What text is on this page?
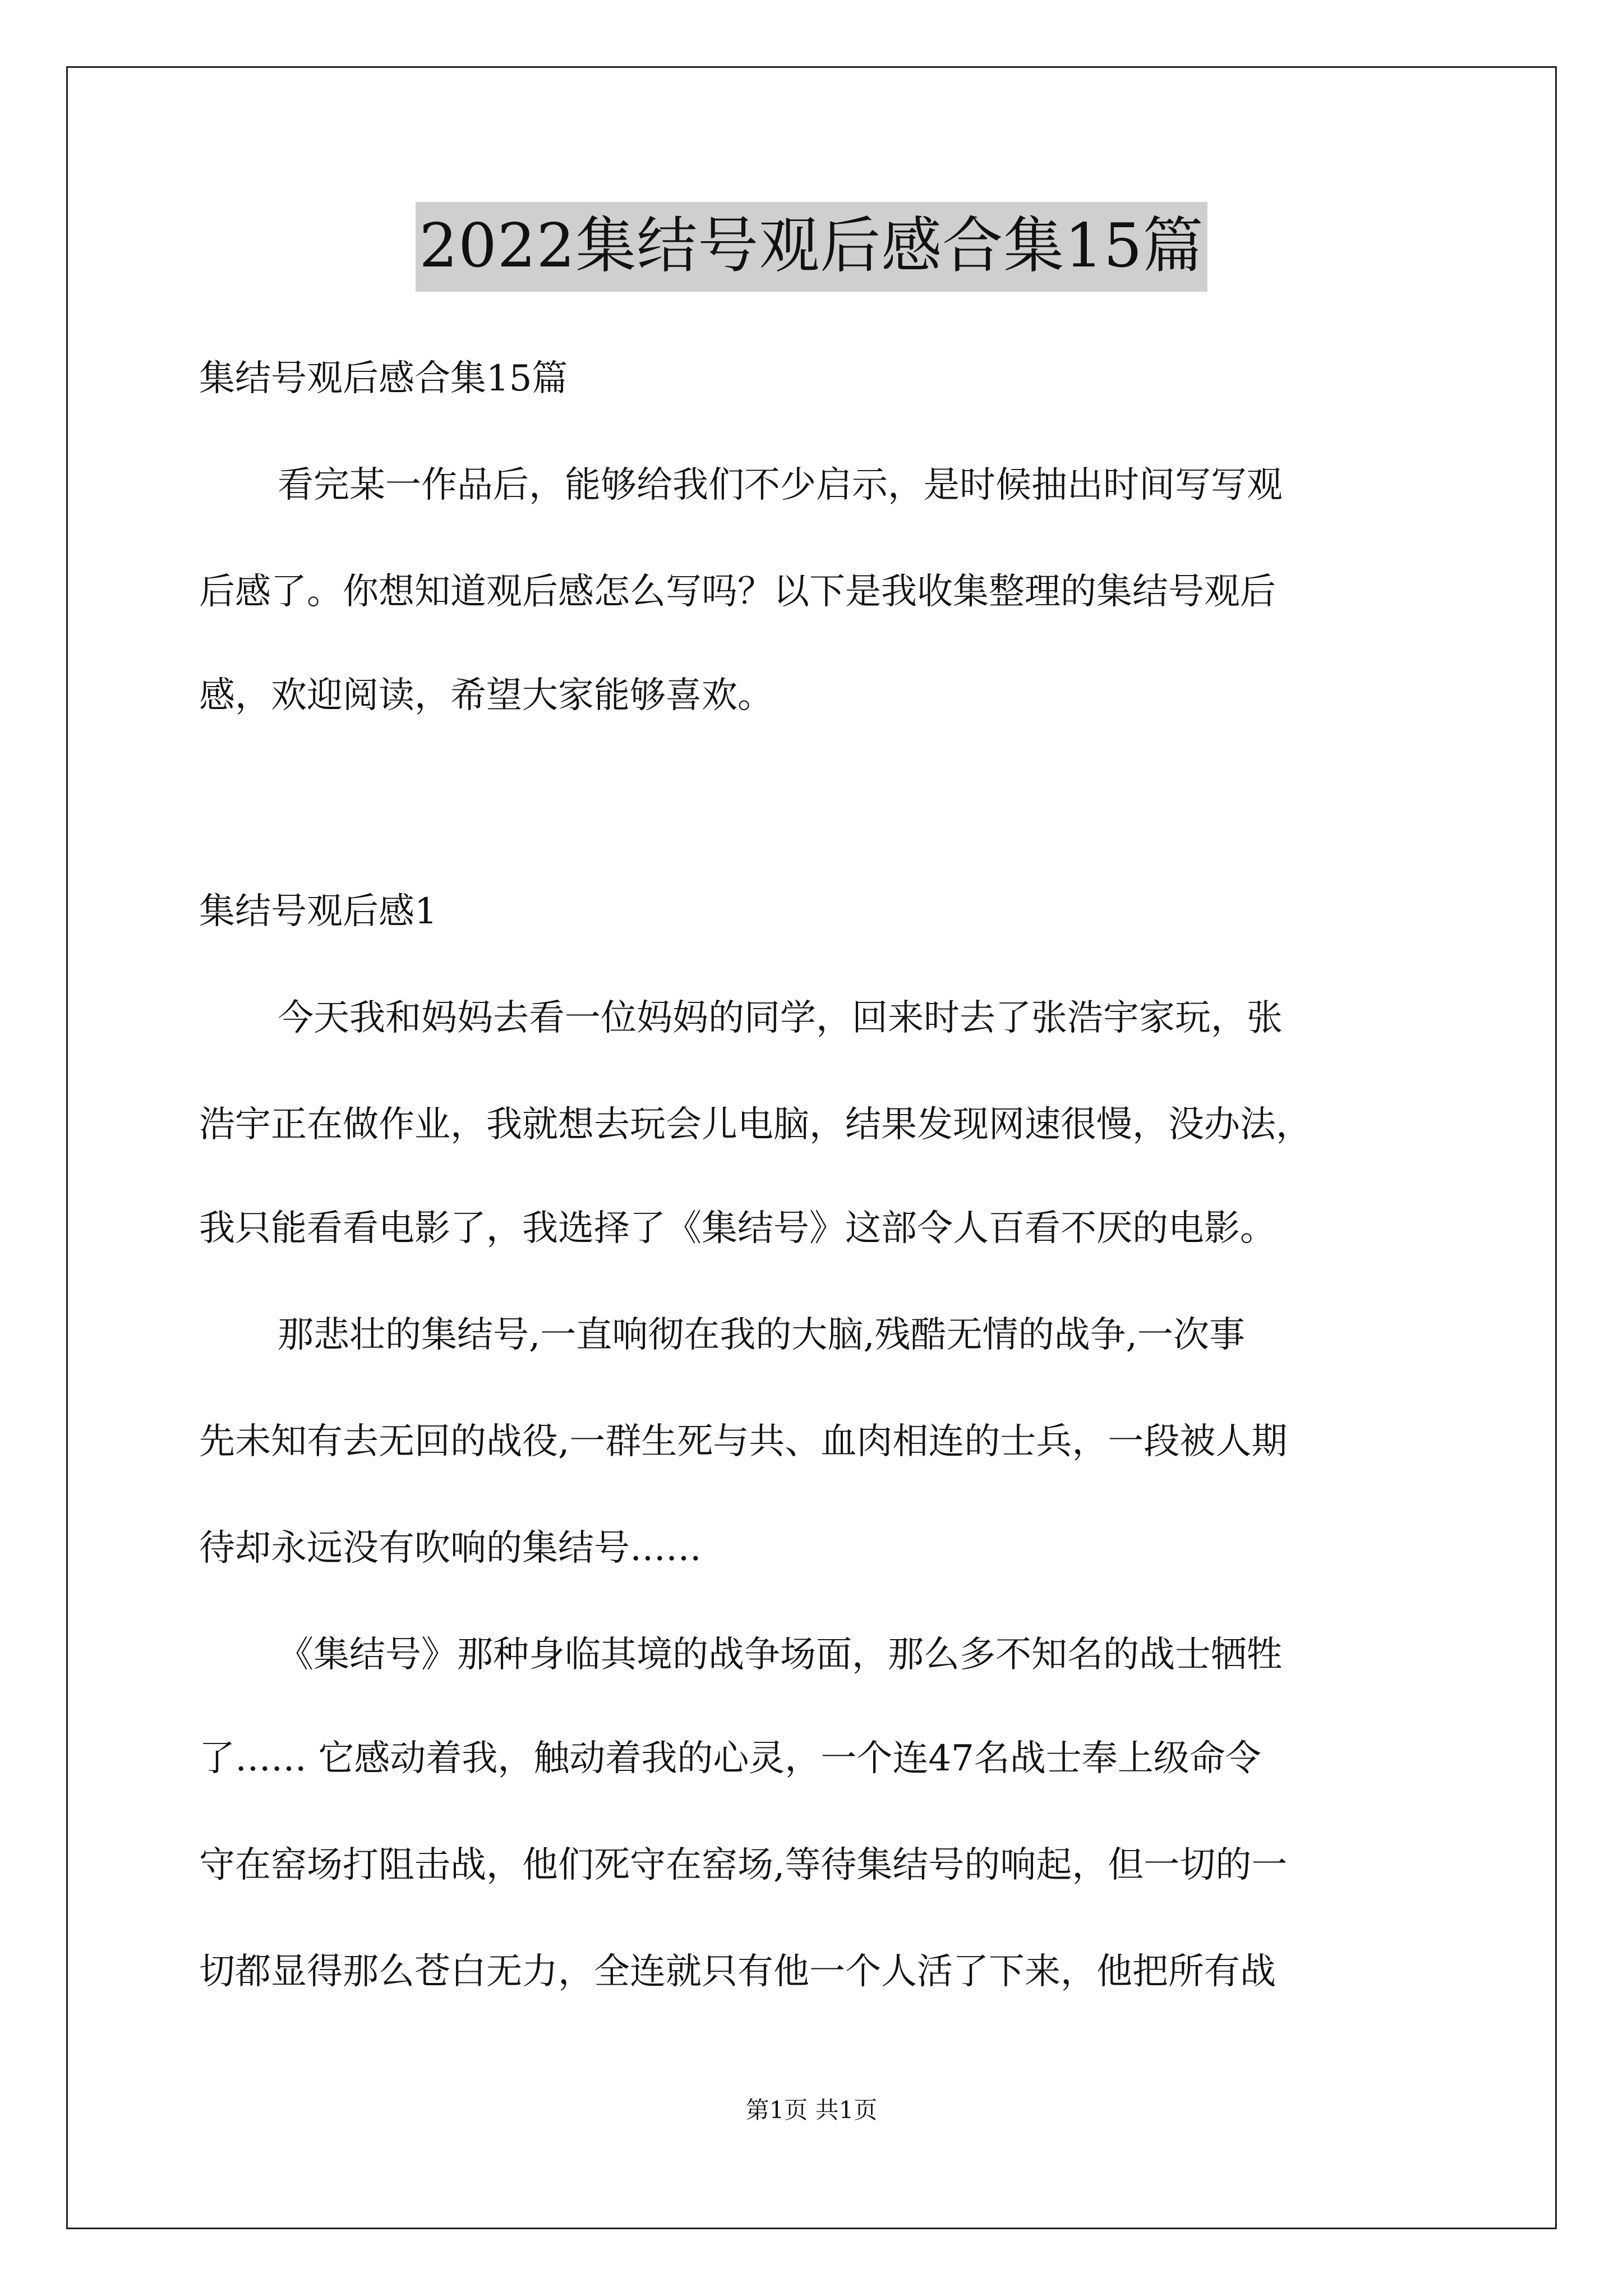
2022集结号观后感合集15篇
集结号观后感合集15篇
看完某一作品后，能够给我们不少启示，是时候抽出时间写写观
后感了。你想知道观后感怎么写吗？以下是我收集整理的集结号观后
感，欢迎阅读，希望大家能够喜欢。
集结号观后感1
今天我和妈妈去看一位妈妈的同学，回来时去了张浩宇家玩，张
浩宇正在做作业，我就想去玩会儿电脑，结果发现网速很慢，没办法，
我只能看看电影了，我选择了《集结号》这部令人百看不厌的电影。
那悲壮的集结号,一直响彻在我的大脑,残酷无情的战争,一次事
先未知有去无回的战役,一群生死与共、血肉相连的士兵，一段被人期
待却永远没有吹响的集结号……
《集结号》那种身临其境的战争场面，那么多不知名的战士牺牲
了…… 它感动着我，触动着我的心灵，一个连47名战士奉上级命令
守在窑场打阻击战，他们死守在窑场,等待集结号的响起，但一切的一
切都显得那么苍白无力，全连就只有他一个人活了下来，他把所有战
第1页 共1页
